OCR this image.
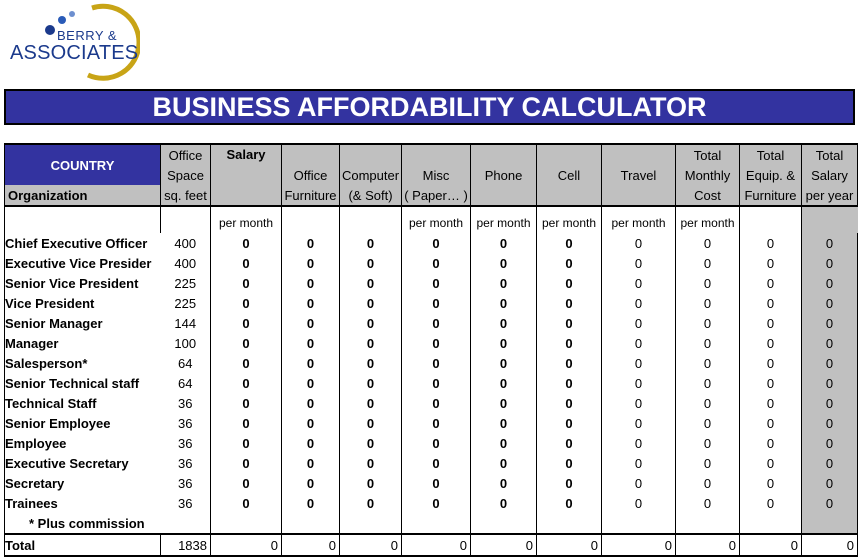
BERRY &
ASSOCIATES
BUSINESS AFFORDABILITY CALCULATOR
COUNTRY	Office	Salary							Total	Total	Total
	Space		Office	Computer	Misc	Phone	Cell	Travel	Monthly	Equip. &	Salary
Organization	sq. feet		Furniture	(& Soft)	( Paper… )				Cost	Furniture	per year

		per month			per month	per month	per month	per month	per month		
Chief Executive Officer	400	0	0	0	0	0	0	0	0	0	0
Executive Vice Presider	400	0	0	0	0	0	0	0	0	0	0
Senior Vice President	225	0	0	0	0	0	0	0	0	0	0
Vice President	225	0	0	0	0	0	0	0	0	0	0
Senior Manager	144	0	0	0	0	0	0	0	0	0	0
Manager	100	0	0	0	0	0	0	0	0	0	0
Salesperson*	64	0	0	0	0	0	0	0	0	0	0
Senior Technical staff	64	0	0	0	0	0	0	0	0	0	0
Technical Staff	36	0	0	0	0	0	0	0	0	0	0
Senior Employee	36	0	0	0	0	0	0	0	0	0	0
Employee	36	0	0	0	0	0	0	0	0	0	0
Executive Secretary	36	0	0	0	0	0	0	0	0	0	0
Secretary	36	0	0	0	0	0	0	0	0	0	0
Trainees	36	0	0	0	0	0	0	0	0	0	0
* Plus commission											
Total	1838	0	0	0	0	0	0	0	0	0	0
